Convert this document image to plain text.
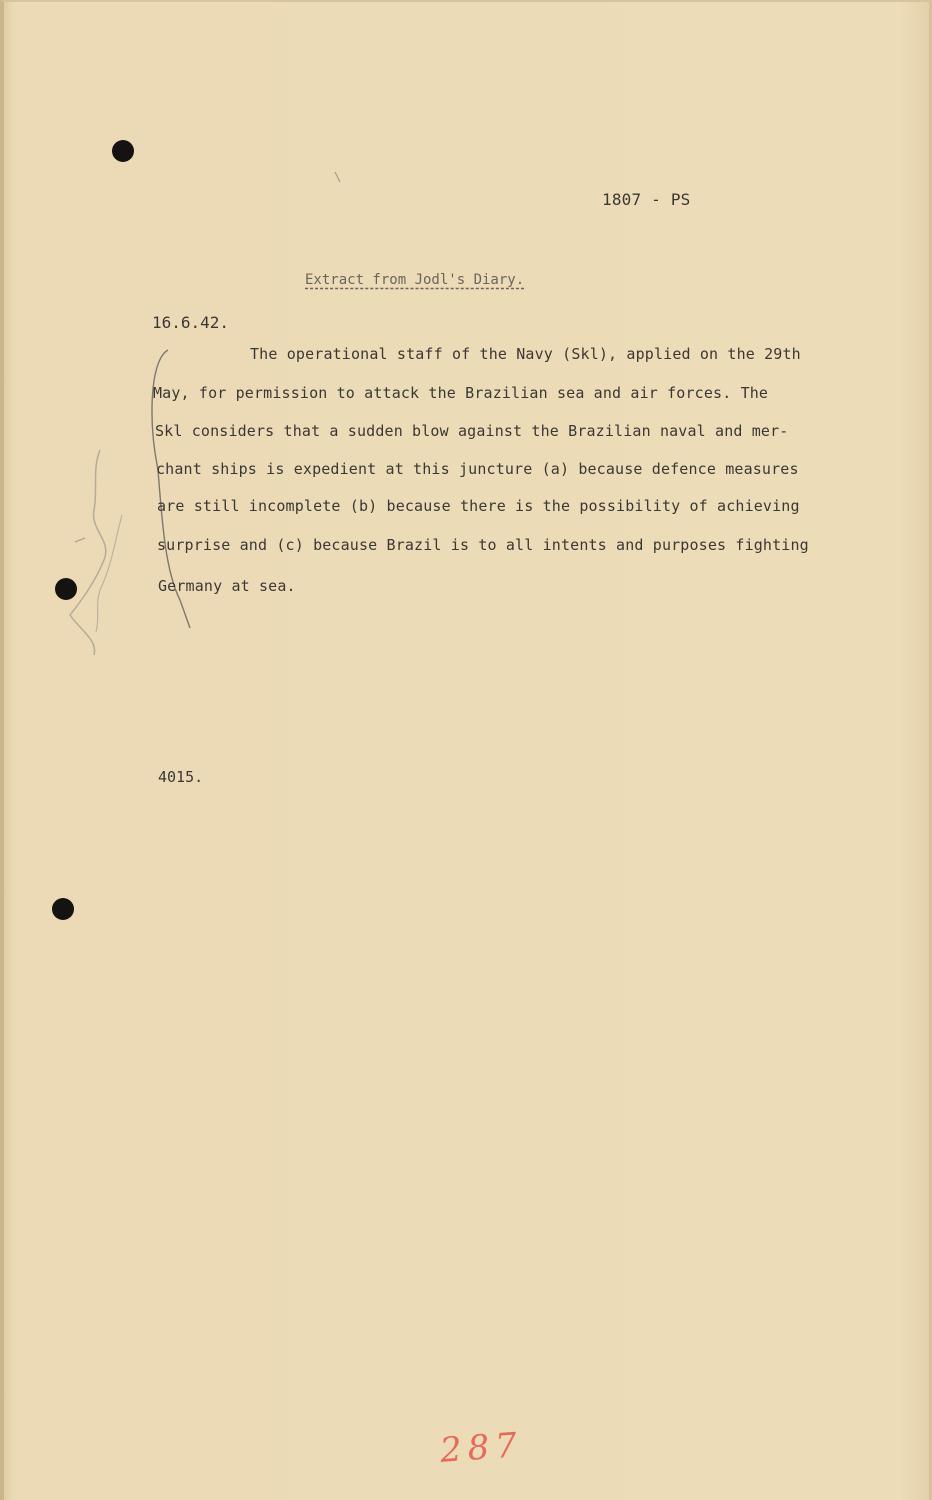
1807 - PS
Extract from Jodl's Diary.
16.6.42.
The operational staff of the Navy (Skl), applied on the 29th
May, for permission to attack the Brazilian sea and air forces. The
Skl considers that a sudden blow against the Brazilian naval and mer-
chant ships is expedient at this juncture (a) because defence measures
are still incomplete (b) because there is the possibility of achieving
surprise and (c) because Brazil is to all intents and purposes fighting
Germany at sea.
4015.
287
